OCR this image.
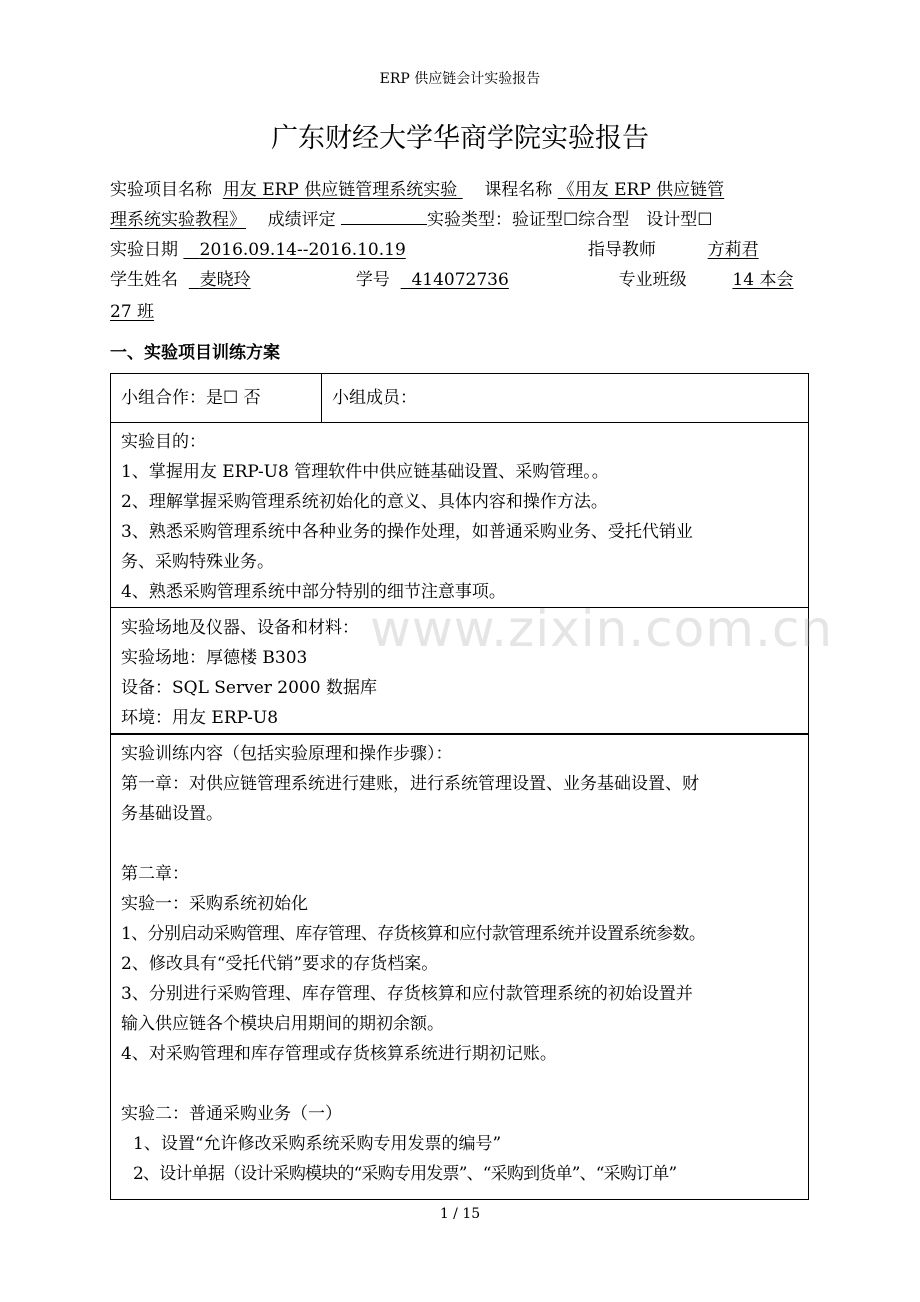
ERP 供应链会计实验报告
广东财经大学华商学院实验报告
实验项目名称 用友 ERP 供应链管理系统实验 课程名称 《用友 ERP 供应链管
理系统实验教程》 成绩评定	实验类型：验证型☐综合型　设计型☐
实验日期 2016.09.14--2016.10.19	指导教师	方莉君
学生姓名 麦晓玲	学号 414072736	专业班级	14 本会
27 班
一、实验项目训练方案
小组合作：是☐ 否	小组成员：
实验目的：
1、掌握用友 ERP-U8 管理软件中供应链基础设置、采购管理。。
2、理解掌握采购管理系统初始化的意义、具体内容和操作方法。
3、熟悉采购管理系统中各种业务的操作处理，如普通采购业务、受托代销业
务、采购特殊业务。
4、熟悉采购管理系统中部分特别的细节注意事项。
实验场地及仪器、设备和材料：
实验场地：厚德楼 B303
设备：SQL Server 2000 数据库
环境：用友 ERP-U8
实验训练内容（包括实验原理和操作步骤）：
第一章：对供应链管理系统进行建账，进行系统管理设置、业务基础设置、财
务基础设置。
第二章：
实验一：采购系统初始化
1、分别启动采购管理、库存管理、存货核算和应付款管理系统并设置系统参数。
2、修改具有“受托代销”要求的存货档案。
3、分别进行采购管理、库存管理、存货核算和应付款管理系统的初始设置并
输入供应链各个模块启用期间的期初余额。
4、对采购管理和库存管理或存货核算系统进行期初记账。
实验二：普通采购业务（一）
1、设置“允许修改采购系统采购专用发票的编号”
2、设计单据（设计采购模块的“采购专用发票”、“采购到货单”、“采购订单”
www.zixin.com.cn
1 / 15
